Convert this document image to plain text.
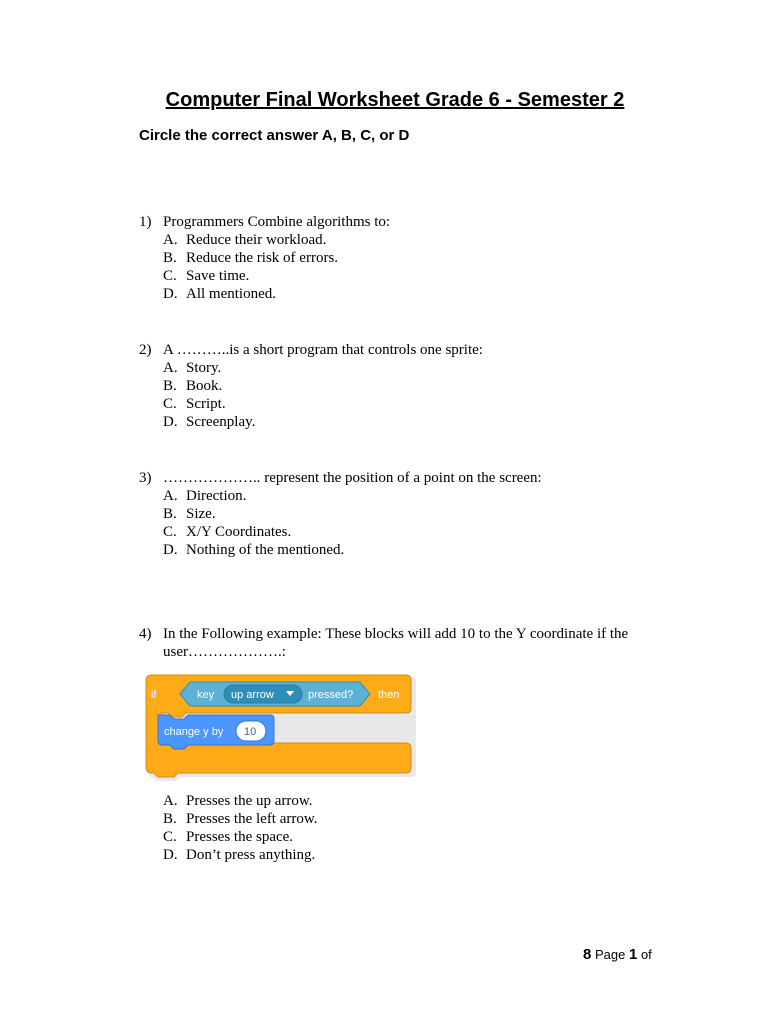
Computer Final Worksheet Grade 6 - Semester 2
Circle the correct answer A, B, C, or D
1) Programmers Combine algorithms to:
A. Reduce their workload.
B. Reduce the risk of errors.
C. Save time.
D. All mentioned.
2) A ………..is a short program that controls one sprite:
A. Story.
B. Book.
C. Script.
D. Screenplay.
3) ……………….. represent the position of a point on the screen:
A. Direction.
B. Size.
C. X/Y Coordinates.
D. Nothing of the mentioned.
4) In the Following example: These blocks will add 10 to the Y coordinate if the user……………….:
if	key up arrow	pressed? then
change y by 10
A. Presses the up arrow.
B. Presses the left arrow.
C. Presses the space.
D. Don’t press anything.
8 Page 1 of
